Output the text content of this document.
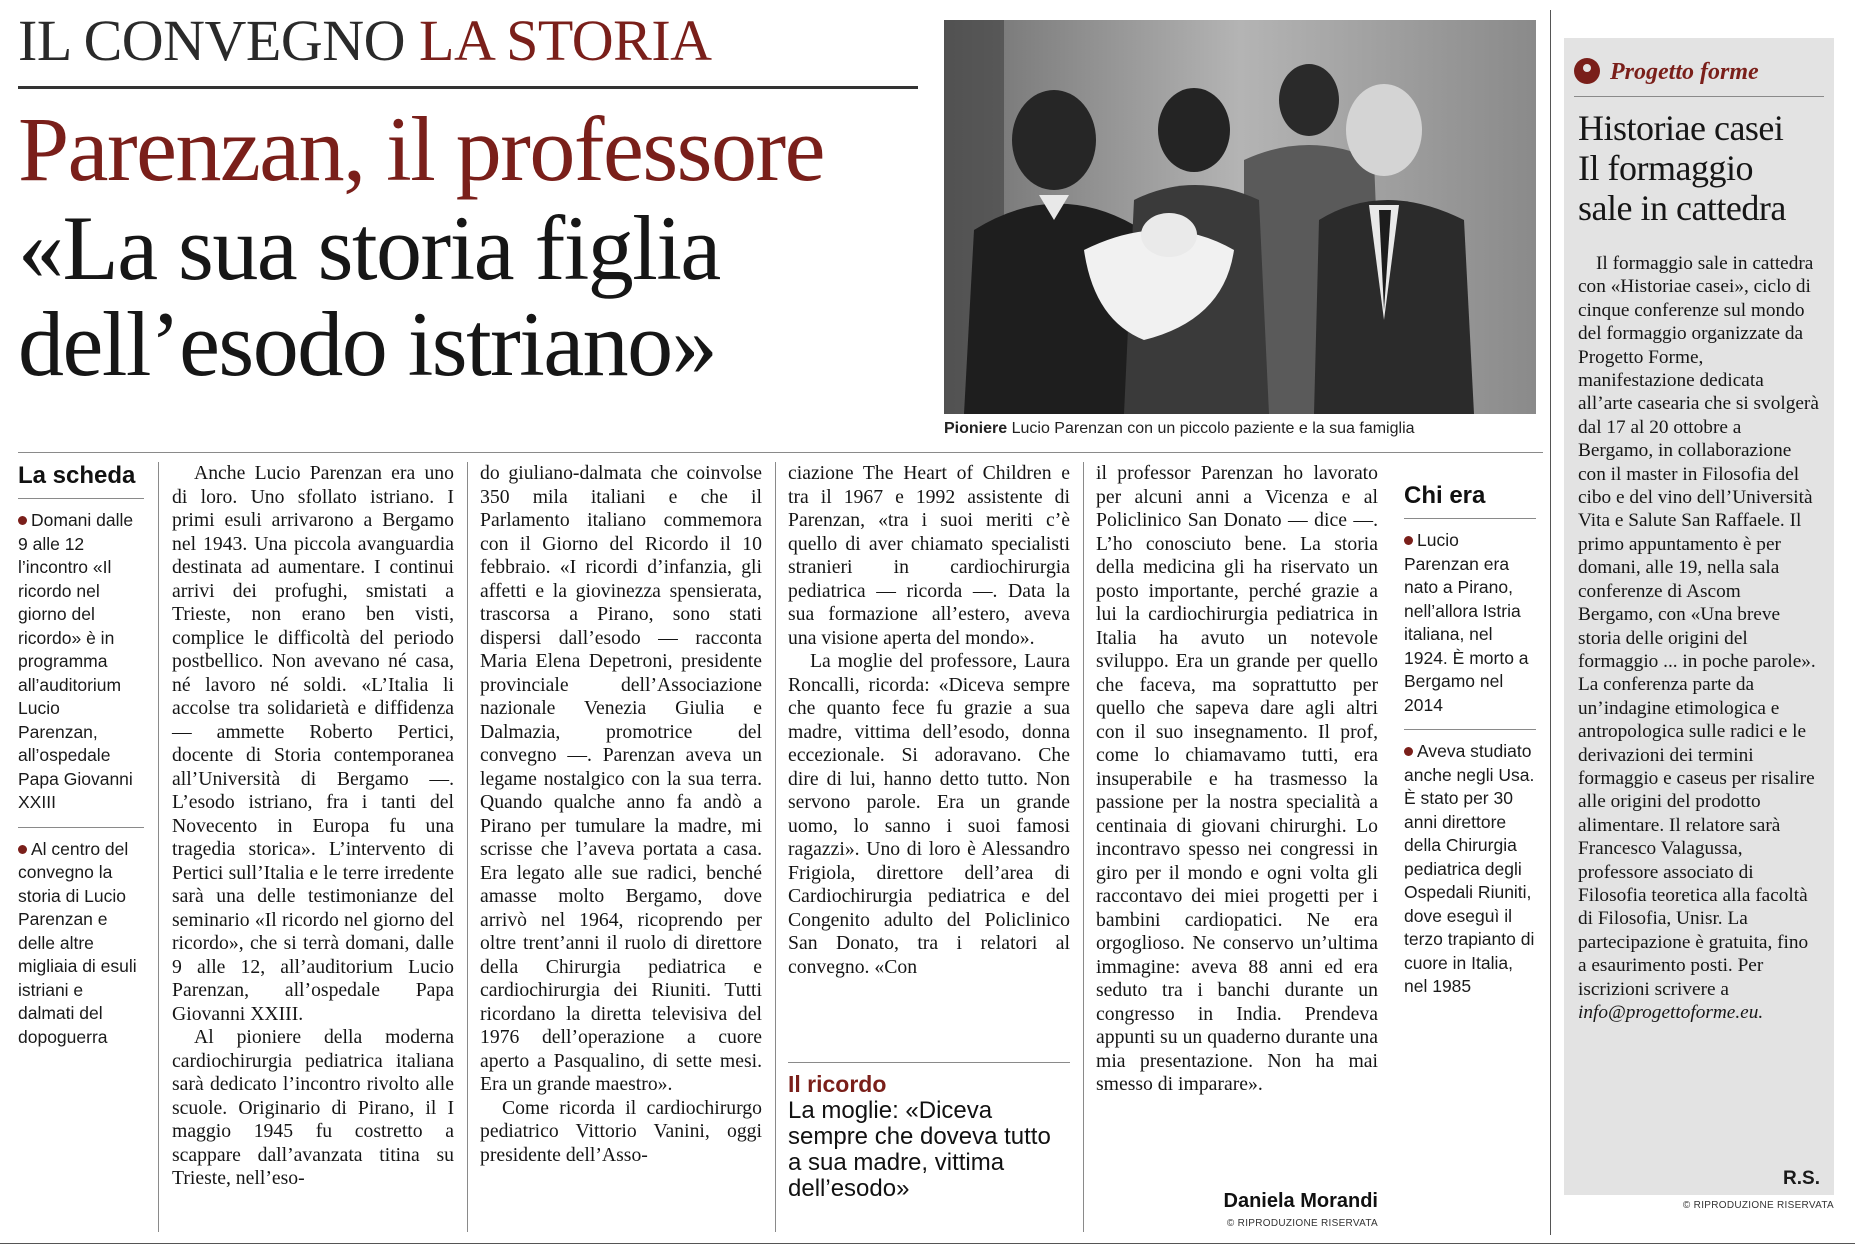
IL CONVEGNO LA STORIA
Parenzan, il professore
«La sua storia figlia
dell’esodo istriano»
Pioniere Lucio Parenzan con un piccolo paziente e la sua famiglia
La scheda
Domani dalle 9 alle 12 l’incontro «Il ricordo nel giorno del ricordo» è in programma all’auditorium Lucio Parenzan, all’ospedale Papa Giovanni XXIII
Al centro del convegno la storia di Lucio Parenzan e delle altre migliaia di esuli istriani e dalmati del dopoguerra

Anche Lucio Parenzan era uno di loro. Uno sfollato istriano. I primi esuli arrivarono a Bergamo nel 1943. Una piccola avanguardia destinata ad aumentare. I continui arrivi dei profughi, smistati a Trieste, non erano ben visti, complice le difficoltà del periodo postbellico. Non avevano né casa, né lavoro né soldi. «L’Italia li accolse tra solidarietà e diffidenza — ammette Roberto Pertici, docente di Storia contemporanea all’Università di Bergamo —. L’esodo istriano, fra i tanti del Novecento in Europa fu una tragedia storica». L’intervento di Pertici sull’Italia e le terre irredente sarà una delle testimonianze del seminario «Il ricordo nel giorno del ricordo», che si terrà domani, dalle 9 alle 12, all’auditorium Lucio Parenzan, all’ospedale Papa Giovanni XXIII.

Al pioniere della moderna cardiochirurgia pediatrica italiana sarà dedicato l’incontro rivolto alle scuole. Originario di Pirano, il I maggio 1945 fu costretto a scappare dall’avanzata titina su Trieste, nell’eso-

do giuliano-dalmata che coinvolse 350 mila italiani e che il Parlamento italiano commemora con il Giorno del Ricordo il 10 febbraio. «I ricordi d’infanzia, gli affetti e la giovinezza spensierata, trascorsa a Pirano, sono stati dispersi dall’esodo — racconta Maria Elena Depetroni, presidente provinciale dell’Associazione nazionale Venezia Giulia e Dalmazia, promotrice del convegno —. Parenzan aveva un legame nostalgico con la sua terra. Quando qualche anno fa andò a Pirano per tumulare la madre, mi scrisse che l’aveva portata a casa. Era legato alle sue radici, benché amasse molto Bergamo, dove arrivò nel 1964, ricoprendo per oltre trent’anni il ruolo di direttore della Chirurgia pediatrica e cardiochirurgia dei Riuniti. Tutti ricordano la diretta televisiva del 1976 dell’operazione a cuore aperto a Pasqualino, di sette mesi. Era un grande maestro».

Come ricorda il cardiochirurgo pediatrico Vittorio Vanini, oggi presidente dell’Asso-

ciazione The Heart of Children e tra il 1967 e 1992 assistente di Parenzan, «tra i suoi meriti c’è quello di aver chiamato specialisti stranieri in cardiochirurgia pediatrica — ricorda —. Data la sua formazione all’estero, aveva una visione aperta del mondo».

La moglie del professore, Laura Roncalli, ricorda: «Diceva sempre che quanto fece fu grazie a sua madre, vittima dell’esodo, donna eccezionale. Si adoravano. Che dire di lui, hanno detto tutto. Non servono parole. Era un grande uomo, lo sanno i suoi famosi ragazzi». Uno di loro è Alessandro Frigiola, direttore dell’area di Cardiochirurgia pediatrica e del Congenito adulto del Policlinico San Donato, tra i relatori al convegno. «Con

Il ricordo
La moglie: «Diceva sempre che doveva tutto a sua madre, vittima dell’esodo»

il professor Parenzan ho lavorato per alcuni anni a Vicenza e al Policlinico San Donato — dice —. L’ho conosciuto bene. La storia della medicina gli ha riservato un posto importante, perché grazie a lui la cardiochirurgia pediatrica in Italia ha avuto un notevole sviluppo. Era un grande per quello che faceva, ma soprattutto per quello che sapeva dare agli altri con il suo insegnamento. Il prof, come lo chiamavamo tutti, era insuperabile e ha trasmesso la passione per la nostra specialità a centinaia di giovani chirurghi. Lo incontravo spesso nei congressi in giro per il mondo e ogni volta gli raccontavo dei miei progetti per i bambini cardiopatici. Ne era orgoglioso. Ne conservo un’ultima immagine: aveva 88 anni ed era seduto tra i banchi durante un congresso in India. Prendeva appunti su un quaderno durante una mia presentazione. Non ha mai smesso di imparare».

Daniela Morandi
© RIPRODUZIONE RISERVATA
Chi era
Lucio Parenzan era nato a Pirano, nell’allora Istria italiana, nel 1924. È morto a Bergamo nel 2014
Aveva studiato anche negli Usa. È stato per 30 anni direttore della Chirurgia pediatrica degli Ospedali Riuniti, dove eseguì il terzo trapianto di cuore in Italia, nel 1985
Progetto forme
Historiae casei
Il formaggio
sale in cattedra
Il formaggio sale in cattedra con «Historiae casei», ciclo di cinque conferenze sul mondo del formaggio organizzate da Progetto Forme, manifestazione dedicata all’arte casearia che si svolgerà dal 17 al 20 ottobre a Bergamo, in collaborazione con il master in Filosofia del cibo e del vino dell’Università Vita e Salute San Raffaele. Il primo appuntamento è per domani, alle 19, nella sala conferenze di Ascom Bergamo, con «Una breve storia delle origini del formaggio ... in poche parole». La conferenza parte da un’indagine etimologica e antropologica sulle radici e le derivazioni dei termini formaggio e caseus per risalire alle origini del prodotto alimentare. Il relatore sarà Francesco Valagussa, professore associato di Filosofia teoretica alla facoltà di Filosofia, Unisr. La partecipazione è gratuita, fino a esaurimento posti. Per iscrizioni scrivere a info@progettoforme.eu.
R.S.
© RIPRODUZIONE RISERVATA
